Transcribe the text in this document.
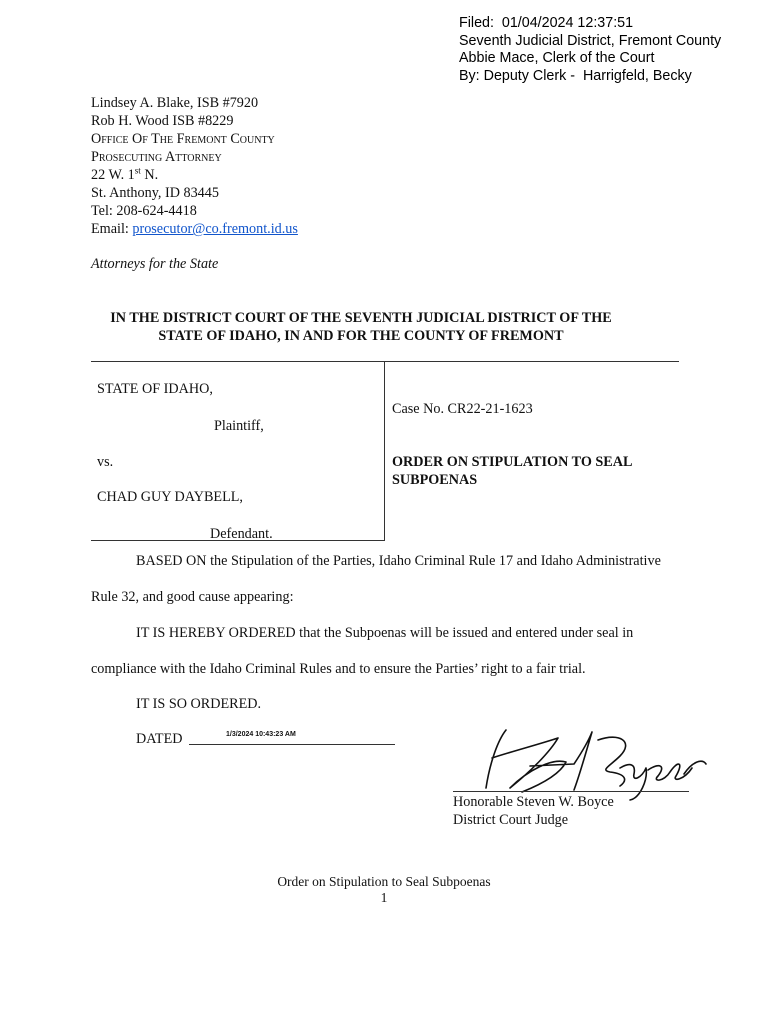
Filed:  01/04/2024 12:37:51
Seventh Judicial District, Fremont County
Abbie Mace, Clerk of the Court
By: Deputy Clerk -  Harrigfeld, Becky
Lindsey A. Blake, ISB #7920
Rob H. Wood ISB #8229
Office Of The Fremont County
Prosecuting Attorney
22 W. 1st N.
St. Anthony, ID 83445
Tel: 208-624-4418
Email: prosecutor@co.fremont.id.us
Attorneys for the State
IN THE DISTRICT COURT OF THE SEVENTH JUDICIAL DISTRICT OF THE
STATE OF IDAHO, IN AND FOR THE COUNTY OF FREMONT
STATE OF IDAHO,
Plaintiff,
vs.
CHAD GUY DAYBELL,
Defendant.
Case No. CR22-21-1623
ORDER ON STIPULATION TO SEAL
SUBPOENAS
BASED ON the Stipulation of the Parties, Idaho Criminal Rule 17 and Idaho Administrative
Rule 32, and good cause appearing:
IT IS HEREBY ORDERED that the Subpoenas will be issued and entered under seal in
compliance with the Idaho Criminal Rules and to ensure the Parties’ right to a fair trial.
IT IS SO ORDERED.
DATED	1/3/2024 10:43:23 AM
Honorable Steven W. Boyce
District Court Judge
Order on Stipulation to Seal Subpoenas
1
